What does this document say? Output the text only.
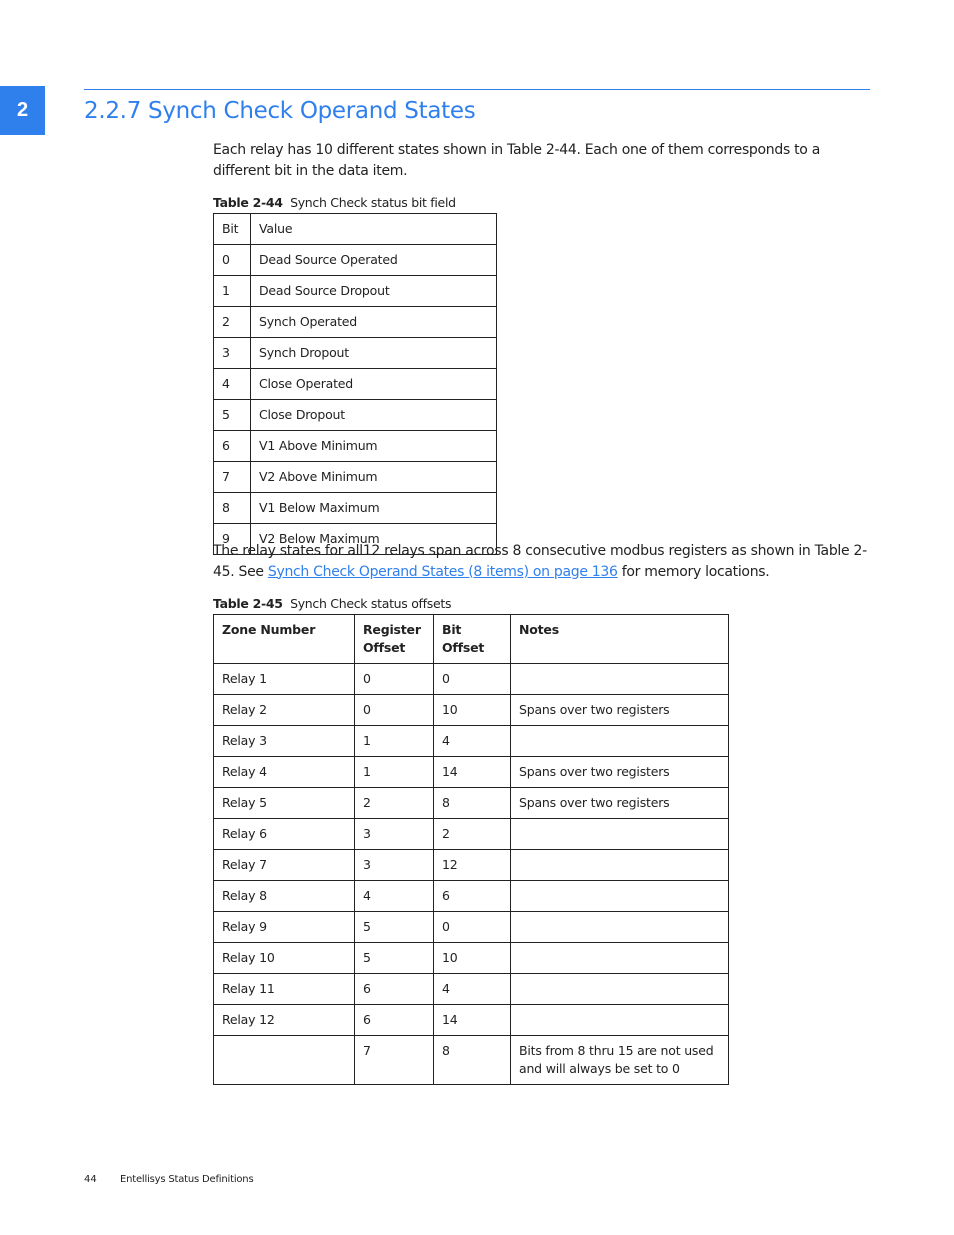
2	2.2.7 Synch Check Operand States

Each relay has 10 different states shown in Table 2-44. Each one of them corresponds to a different bit in the data item.

Table 2-44 Synch Check status bit field

Bit	Value
0	Dead Source Operated
1	Dead Source Dropout
2	Synch Operated
3	Synch Dropout
4	Close Operated
5	Close Dropout
6	V1 Above Minimum
7	V2 Above Minimum
8	V1 Below Maximum
9	V2 Below Maximum

The relay states for all12 relays span across 8 consecutive modbus registers as shown in Table 2-45. See Synch Check Operand States (8 items) on page 136 for memory locations.

Table 2-45 Synch Check status offsets

Zone Number	Register Offset	Bit Offset	Notes
Relay 1	0	0	
Relay 2	0	10	Spans over two registers
Relay 3	1	4	
Relay 4	1	14	Spans over two registers
Relay 5	2	8	Spans over two registers
Relay 6	3	2	
Relay 7	3	12	
Relay 8	4	6	
Relay 9	5	0	
Relay 10	5	10	
Relay 11	6	4	
Relay 12	6	14	
	7	8	Bits from 8 thru 15 are not used and will always be set to 0
44 Entellisys Status Definitions
